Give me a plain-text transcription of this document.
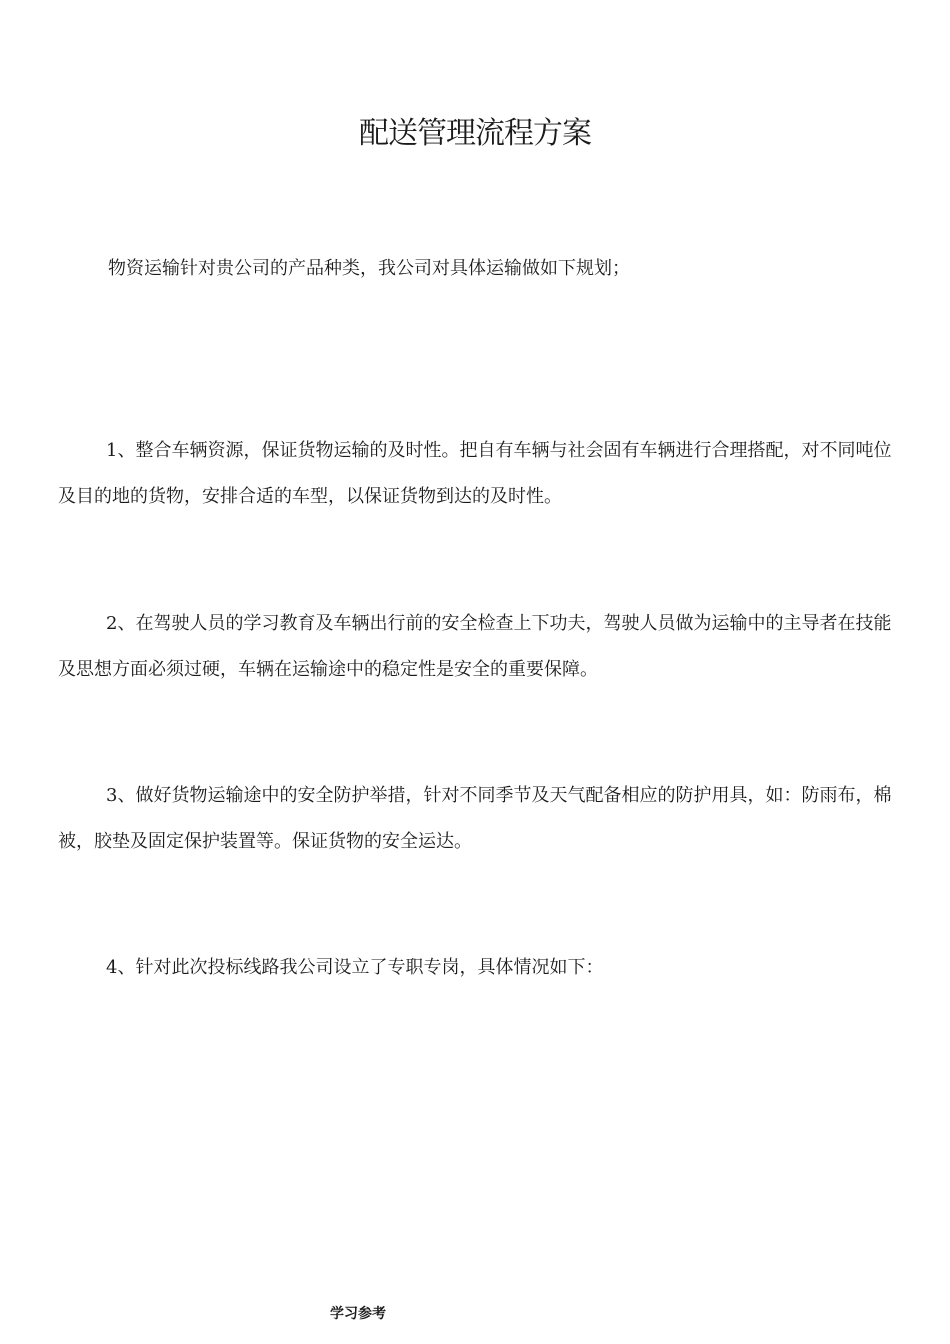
配送管理流程方案

物资运输针对贵公司的产品种类，我公司对具体运输做如下规划；

1、整合车辆资源，保证货物运输的及时性。把自有车辆与社会固有车辆进行合理搭配，对不同吨位及目的地的货物，安排合适的车型，以保证货物到达的及时性。

2、在驾驶人员的学习教育及车辆出行前的安全检查上下功夫，驾驶人员做为运输中的主导者在技能及思想方面必须过硬，车辆在运输途中的稳定性是安全的重要保障。

3、做好货物运输途中的安全防护举措，针对不同季节及天气配备相应的防护用具，如：防雨布，棉被，胶垫及固定保护装置等。保证货物的安全运达。

4、针对此次投标线路我公司设立了专职专岗，具体情况如下：

学习参考
